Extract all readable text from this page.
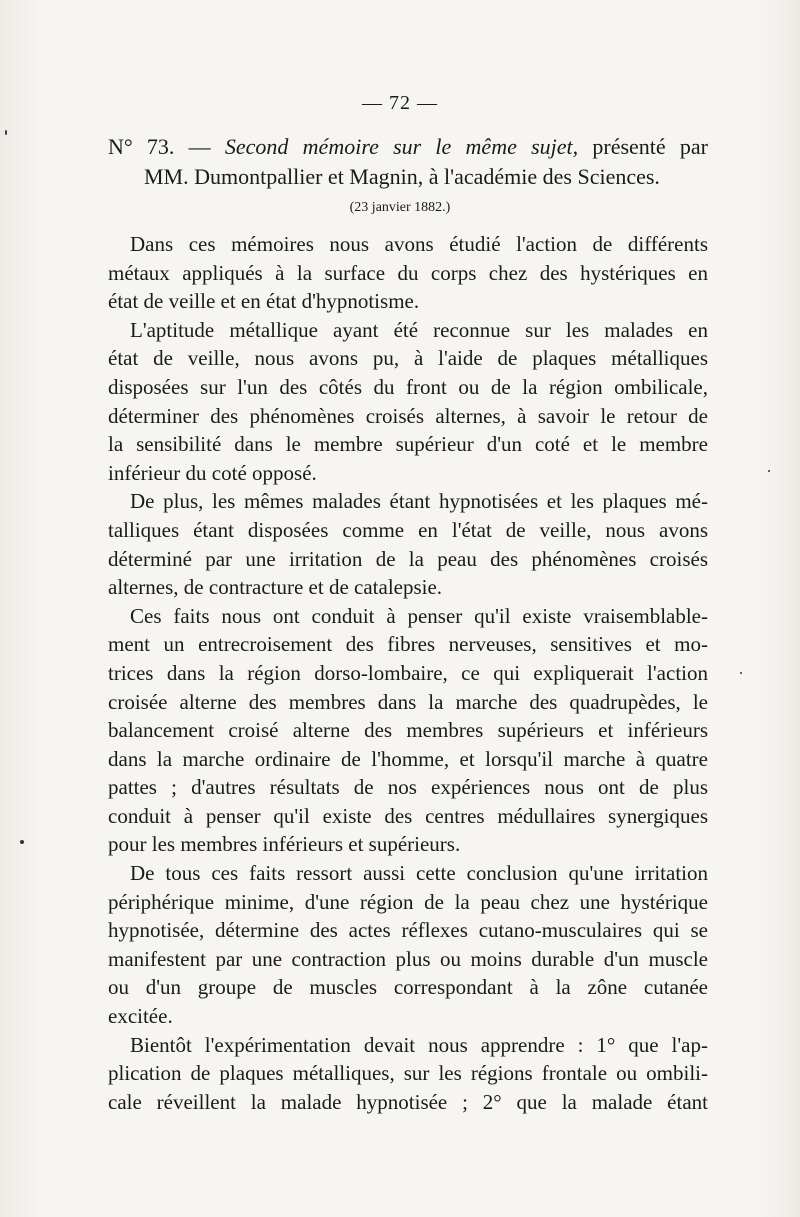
— 72 —
N° 73. — Second mémoire sur le même sujet, présenté par
MM. Dumontpallier et Magnin, à l'académie des Sciences.
(23 janvier 1882.)
Dans ces mémoires nous avons étudié l'action de différents
métaux appliqués à la surface du corps chez des hystériques en
état de veille et en état d'hypnotisme.
L'aptitude métallique ayant été reconnue sur les malades en
état de veille, nous avons pu, à l'aide de plaques métalliques
disposées sur l'un des côtés du front ou de la région ombilicale,
déterminer des phénomènes croisés alternes, à savoir le retour de
la sensibilité dans le membre supérieur d'un coté et le membre
inférieur du coté opposé.
De plus, les mêmes malades étant hypnotisées et les plaques mé-
talliques étant disposées comme en l'état de veille, nous avons
déterminé par une irritation de la peau des phénomènes croisés
alternes, de contracture et de catalepsie.
Ces faits nous ont conduit à penser qu'il existe vraisemblable-
ment un entrecroisement des fibres nerveuses, sensitives et mo-
trices dans la région dorso-lombaire, ce qui expliquerait l'action
croisée alterne des membres dans la marche des quadrupèdes, le
balancement croisé alterne des membres supérieurs et inférieurs
dans la marche ordinaire de l'homme, et lorsqu'il marche à quatre
pattes ; d'autres résultats de nos expériences nous ont de plus
conduit à penser qu'il existe des centres médullaires synergiques
pour les membres inférieurs et supérieurs.
De tous ces faits ressort aussi cette conclusion qu'une irritation
périphérique minime, d'une région de la peau chez une hystérique
hypnotisée, détermine des actes réflexes cutano-musculaires qui se
manifestent par une contraction plus ou moins durable d'un muscle
ou d'un groupe de muscles correspondant à la zône cutanée
excitée.
Bientôt l'expérimentation devait nous apprendre : 1° que l'ap-
plication de plaques métalliques, sur les régions frontale ou ombili-
cale réveillent la malade hypnotisée ; 2° que la malade étant
